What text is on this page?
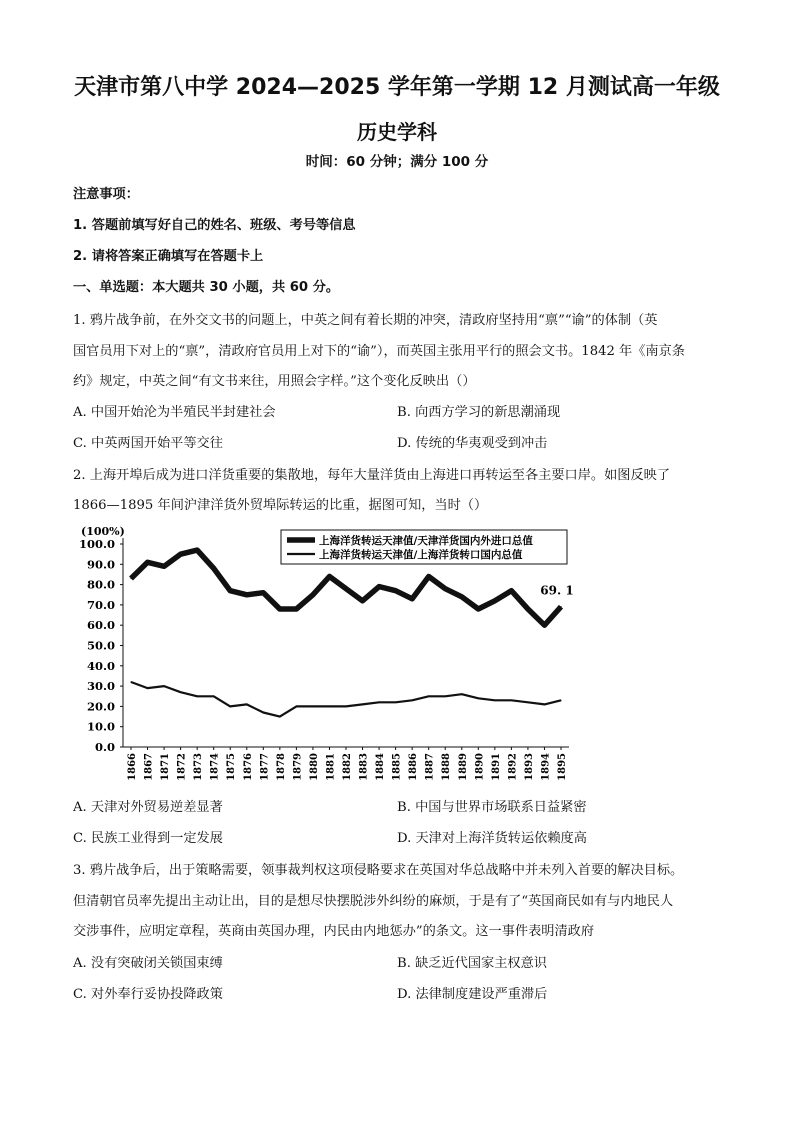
天津市第八中学 2024—2025 学年第一学期 12 月测试高一年级
历史学科
时间：60 分钟；满分 100 分
注意事项：
1. 答题前填写好自己的姓名、班级、考号等信息
2. 请将答案正确填写在答题卡上
一、单选题：本大题共 30 小题，共 60 分。
1. 鸦片战争前，在外交文书的问题上，中英之间有着长期的冲突，清政府坚持用“禀”“谕”的体制（英
国官员用下对上的“禀”，清政府官员用上对下的“谕”），而英国主张用平行的照会文书。1842 年《南京条
约》规定，中英之间“有文书来往，用照会字样。”这个变化反映出（）
A. 中国开始沦为半殖民半封建社会	B. 向西方学习的新思潮涌现
C. 中英两国开始平等交往	D. 传统的华夷观受到冲击
2. 上海开埠后成为进口洋货重要的集散地，每年大量洋货由上海进口再转运至各主要口岸。如图反映了
1866—1895 年间沪津洋货外贸埠际转运的比重，据图可知，当时（）
(100%)
100.0
90.0
80.0
70.0
60.0
50.0
40.0
30.0
20.0
10.0
0.0
1866 1867 1871 1872 1873 1874 1875 1876 1877 1878 1879 1880 1881 1882 1883 1884 1885 1886 1887 1888 1889 1890 1891 1892 1893 1894 1895
69. 1
上海洋货转运天津值/天津洋货国内外进口总值
上海洋货转运天津值/上海洋货转口国内总值
A. 天津对外贸易逆差显著	B. 中国与世界市场联系日益紧密
C. 民族工业得到一定发展	D. 天津对上海洋货转运依赖度高
3. 鸦片战争后，出于策略需要，领事裁判权这项侵略要求在英国对华总战略中并未列入首要的解决目标。
但清朝官员率先提出主动让出，目的是想尽快摆脱涉外纠纷的麻烦，于是有了“英国商民如有与内地民人
交涉事件，应明定章程，英商由英国办理，内民由内地惩办”的条文。这一事件表明清政府
A. 没有突破闭关锁国束缚	B. 缺乏近代国家主权意识
C. 对外奉行妥协投降政策	D. 法律制度建设严重滞后
